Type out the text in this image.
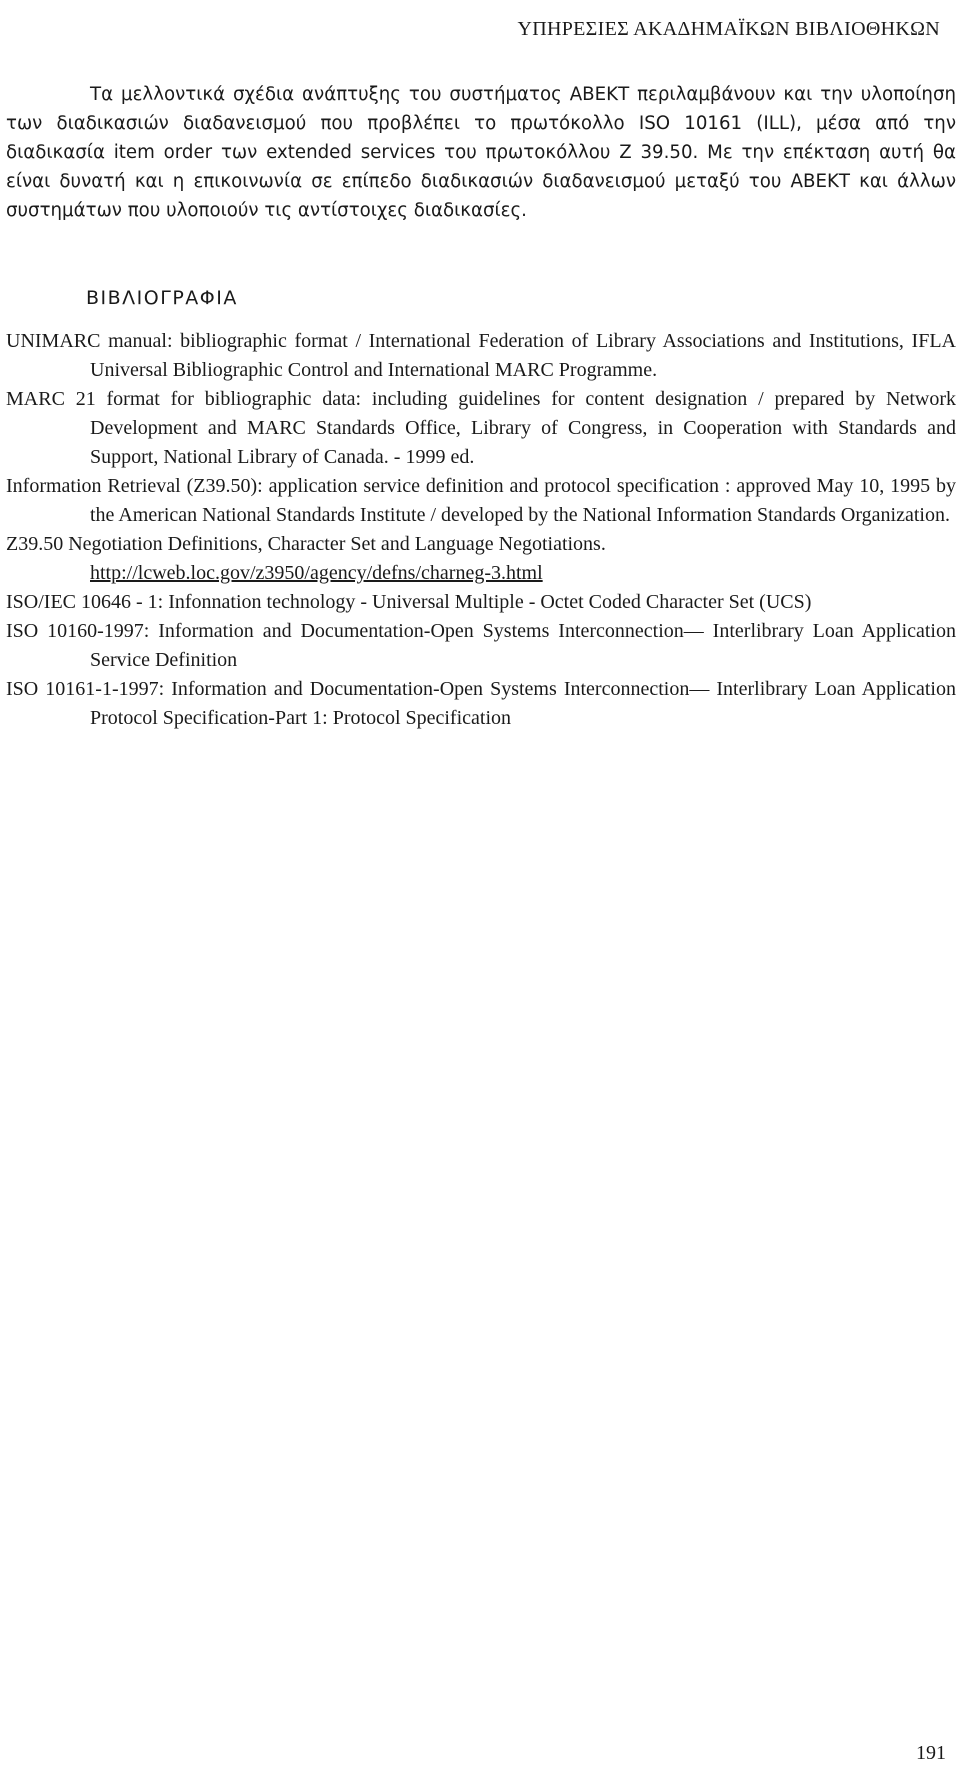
ΥΠΗΡΕΣΙΕΣ ΑΚΑΔΗΜΑΪΚΩΝ ΒΙΒΛΙΟΘΗΚΩΝ

Τα μελλοντικά σχέδια ανάπτυξης του συστήματος ΑΒΕΚΤ περιλαμβάνουν και την υλοποίηση των διαδικασιών διαδανεισμού που προβλέπει το πρωτόκολλο ISO 10161 (ILL), μέσα από την διαδικασία item order των extended services του πρωτοκόλλου Ζ 39.50. Με την επέκταση αυτή θα είναι δυνατή και η επικοινωνία σε επίπεδο διαδικασιών διαδανεισμού μεταξύ του ΑΒΕΚΤ και άλλων συστημάτων που υλοποιούν τις αντίστοιχες διαδικασίες.

ΒΙΒΛΙΟΓΡΑΦΙΑ

UNIMARC manual: bibliographic format / International Federation of Library Associations and Institutions, IFLA Universal Bibliographic Control and International MARC Programme.

MARC 21 format for bibliographic data: including guidelines for content designation / prepared by Network Development and MARC Standards Office, Library of Congress, in Cooperation with Standards and Support, National Library of Canada. - 1999 ed.

Information Retrieval (Z39.50): application service definition and protocol specification : approved May 10, 1995 by the American National Standards Institute / developed by the National Information Standards Organization.

Z39.50 Negotiation Definitions, Character Set and Language Negotiations.
http://lcweb.loc.gov/z3950/agency/defns/charneg-3.html

ISO/IEC 10646 - 1: Infonnation technology - Universal Multiple - Octet Coded Character Set (UCS)

ISO 10160-1997: Information and Documentation-Open Systems Interconnection— Interlibrary Loan Application Service Definition

ISO 10161-1-1997: Information and Documentation-Open Systems Interconnection— Interlibrary Loan Application Protocol Specification-Part 1: Protocol Specification

191
